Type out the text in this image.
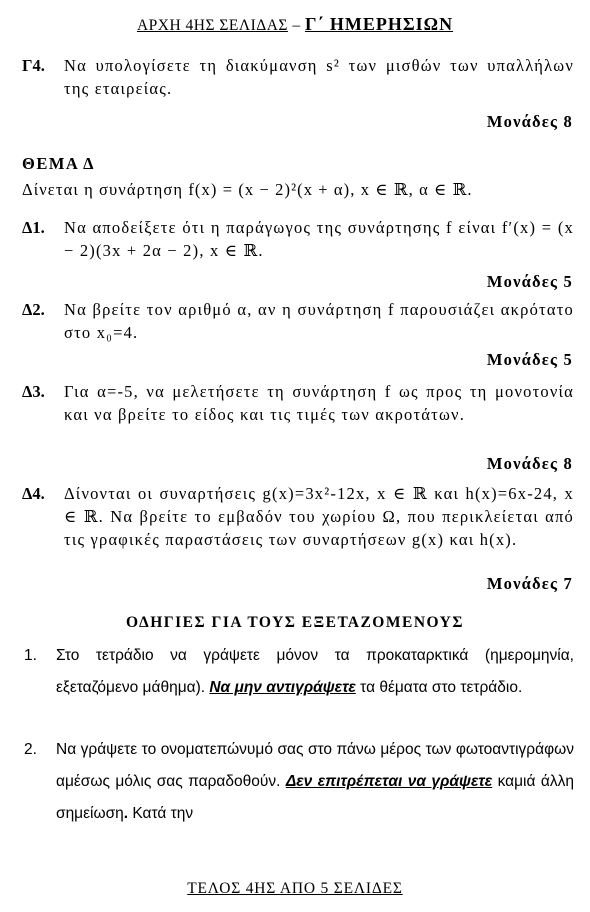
ΑΡΧΗ 4ΗΣ ΣΕΛΙΔΑΣ – Γ΄ ΗΜΕΡΗΣΙΩΝ
Γ4. Να υπολογίσετε τη διακύμανση s² των μισθών των υπαλλήλων της εταιρείας.
Μονάδες 8
ΘΕΜΑ Δ
Δίνεται η συνάρτηση f(x) = (x − 2)²(x + α), x ∈ ℝ, α ∈ ℝ.
Δ1. Να αποδείξετε ότι η παράγωγος της συνάρτησης f είναι f′(x) = (x − 2)(3x + 2α − 2), x ∈ ℝ.
Μονάδες 5
Δ2. Να βρείτε τον αριθμό α, αν η συνάρτηση f παρουσιάζει ακρότατο στο x₀=4.
Μονάδες 5
Δ3. Για α=-5, να μελετήσετε τη συνάρτηση f ως προς τη μονοτονία και να βρείτε το είδος και τις τιμές των ακροτάτων.
Μονάδες 8
Δ4. Δίνονται οι συναρτήσεις g(x)=3x²-12x, x ∈ ℝ και h(x)=6x-24, x ∈ ℝ. Να βρείτε το εμβαδόν του χωρίου Ω, που περικλείεται από τις γραφικές παραστάσεις των συναρτήσεων g(x) και h(x).
Μονάδες 7
ΟΔΗΓΙΕΣ ΓΙΑ ΤΟΥΣ ΕΞΕΤΑΖΟΜΕΝΟΥΣ
1. Στο τετράδιο να γράψετε μόνον τα προκαταρκτικά (ημερομηνία, εξεταζόμενο μάθημα). Να μην αντιγράψετε τα θέματα στο τετράδιο.
2. Να γράψετε το ονοματεπώνυμό σας στο πάνω μέρος των φωτοαντιγράφων αμέσως μόλις σας παραδοθούν. Δεν επιτρέπεται να γράψετε καμιά άλλη σημείωση. Κατά την
ΤΕΛΟΣ 4ΗΣ ΑΠΟ 5 ΣΕΛΙΔΕΣ
